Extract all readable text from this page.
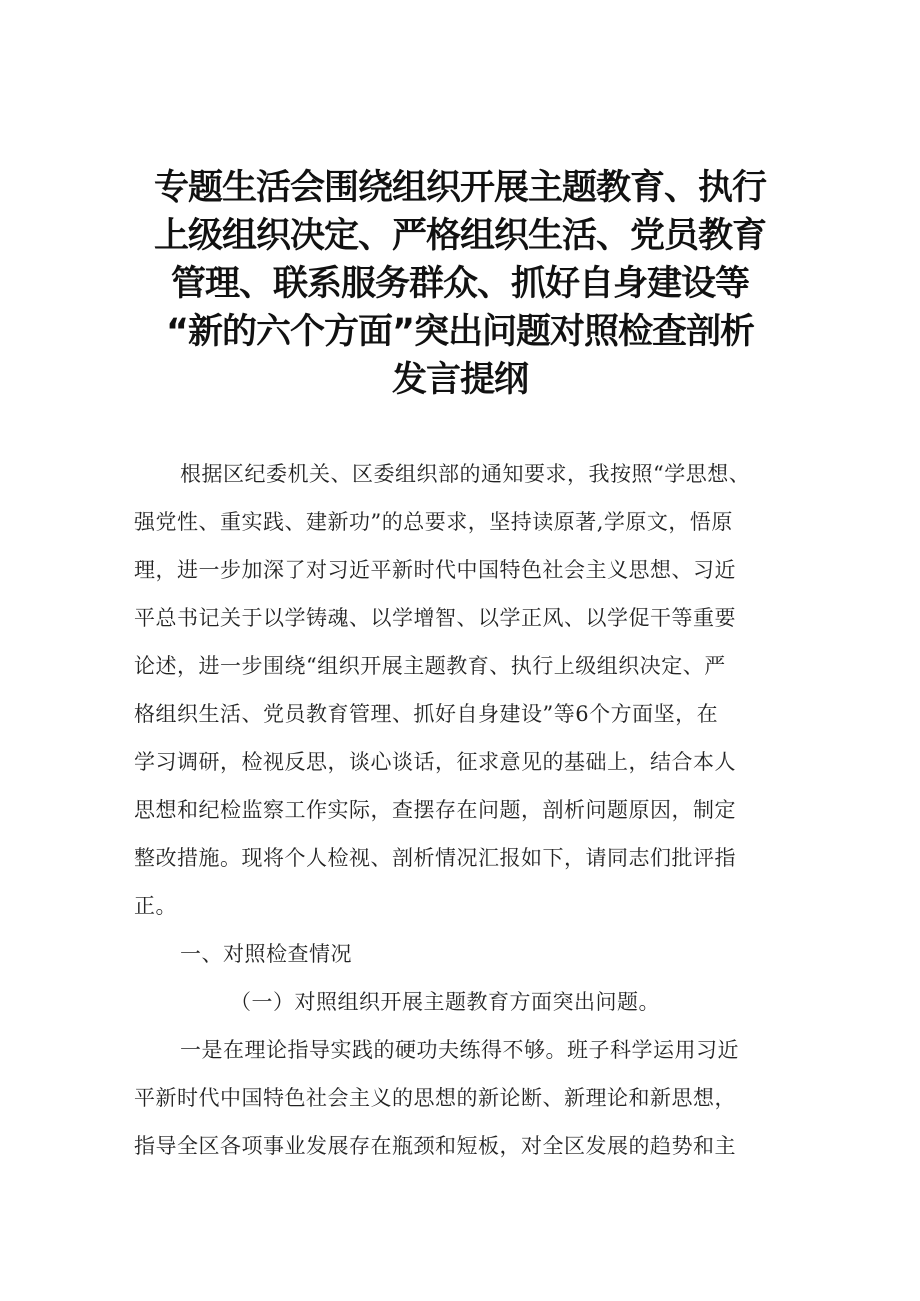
专题生活会围绕组织开展主题教育、执行
上级组织决定、严格组织生活、党员教育
管理、联系服务群众、抓好自身建设等
“新的六个方面”突出问题对照检查剖析
发言提纲
根据区纪委机关、区委组织部的通知要求，我按照“学思想、
强党性、重实践、建新功”的总要求，坚持读原著,学原文，悟原
理，进一步加深了对习近平新时代中国特色社会主义思想、习近
平总书记关于以学铸魂、以学增智、以学正风、以学促干等重要
论述，进一步围绕“组织开展主题教育、执行上级组织决定、严
格组织生活、党员教育管理、抓好自身建设”等6个方面坚，在
学习调研，检视反思，谈心谈话，征求意见的基础上，结合本人
思想和纪检监察工作实际，查摆存在问题，剖析问题原因，制定
整改措施。现将个人检视、剖析情况汇报如下，请同志们批评指
正。
一、对照检查情况
（一）对照组织开展主题教育方面突出问题。
一是在理论指导实践的硬功夫练得不够。班子科学运用习近
平新时代中国特色社会主义的思想的新论断、新理论和新思想，
指导全区各项事业发展存在瓶颈和短板，对全区发展的趋势和主
